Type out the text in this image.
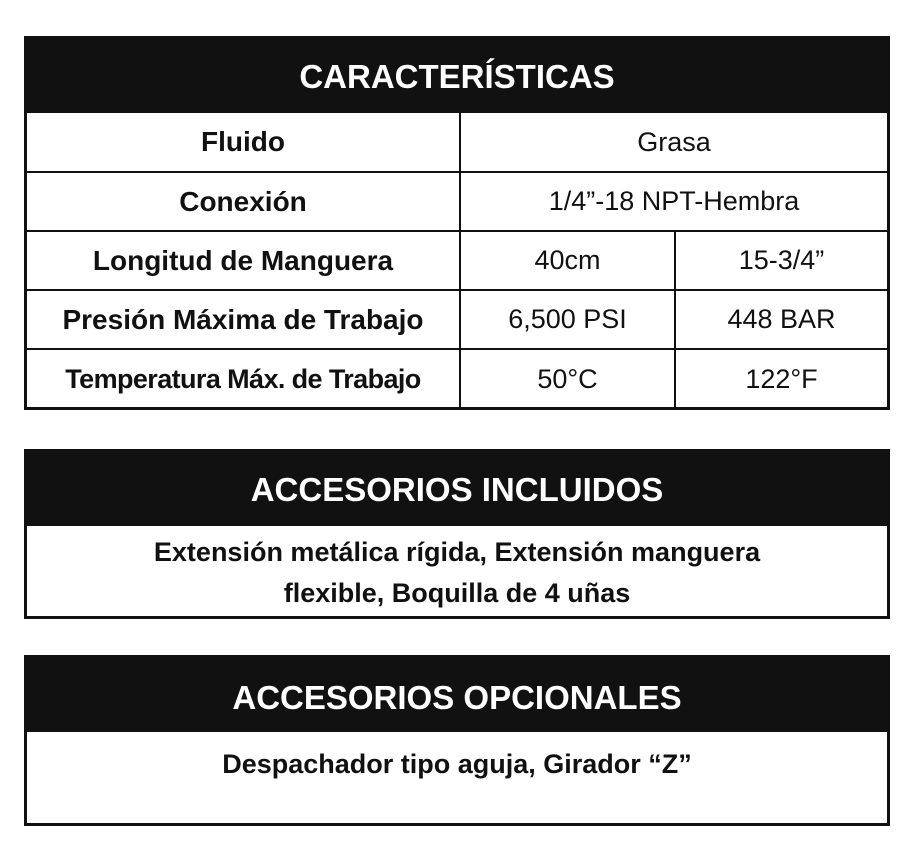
CARACTERÍSTICAS
Fluido	Grasa	
Conexión	1/4”-18 NPT-Hembra	
Longitud de Manguera	40cm	15-3/4”
Presión Máxima de Trabajo	6,500 PSI	448 BAR
Temperatura Máx. de Trabajo	50°C	122°F
ACCESORIOS INCLUIDOS
Extensión metálica rígida, Extensión manguera
flexible, Boquilla de 4 uñas
ACCESORIOS OPCIONALES
Despachador tipo aguja, Girador “Z”
